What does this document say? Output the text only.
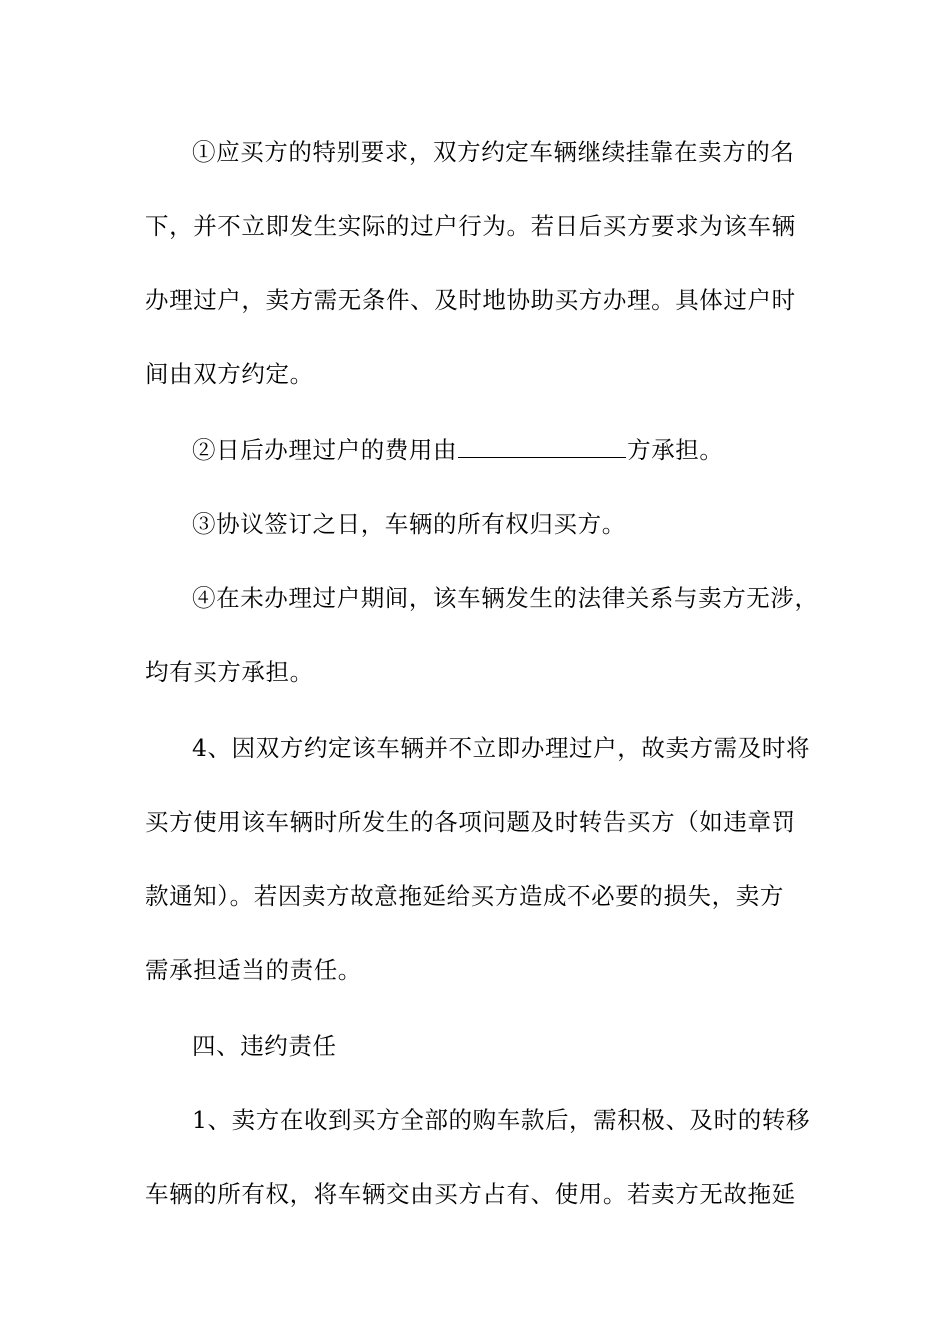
①应买方的特别要求，双方约定车辆继续挂靠在卖方的名
下，并不立即发生实际的过户行为。若日后买方要求为该车辆
办理过户，卖方需无条件、及时地协助买方办理。具体过户时
间由双方约定。
②日后办理过户的费用由	方承担。
③协议签订之日，车辆的所有权归买方。
④在未办理过户期间，该车辆发生的法律关系与卖方无涉，
均有买方承担。
4、因双方约定该车辆并不立即办理过户，故卖方需及时将
买方使用该车辆时所发生的各项问题及时转告买方（如违章罚
款通知）。若因卖方故意拖延给买方造成不必要的损失，卖方
需承担适当的责任。
四、违约责任
1、卖方在收到买方全部的购车款后，需积极、及时的转移
车辆的所有权，将车辆交由买方占有、使用。若卖方无故拖延
